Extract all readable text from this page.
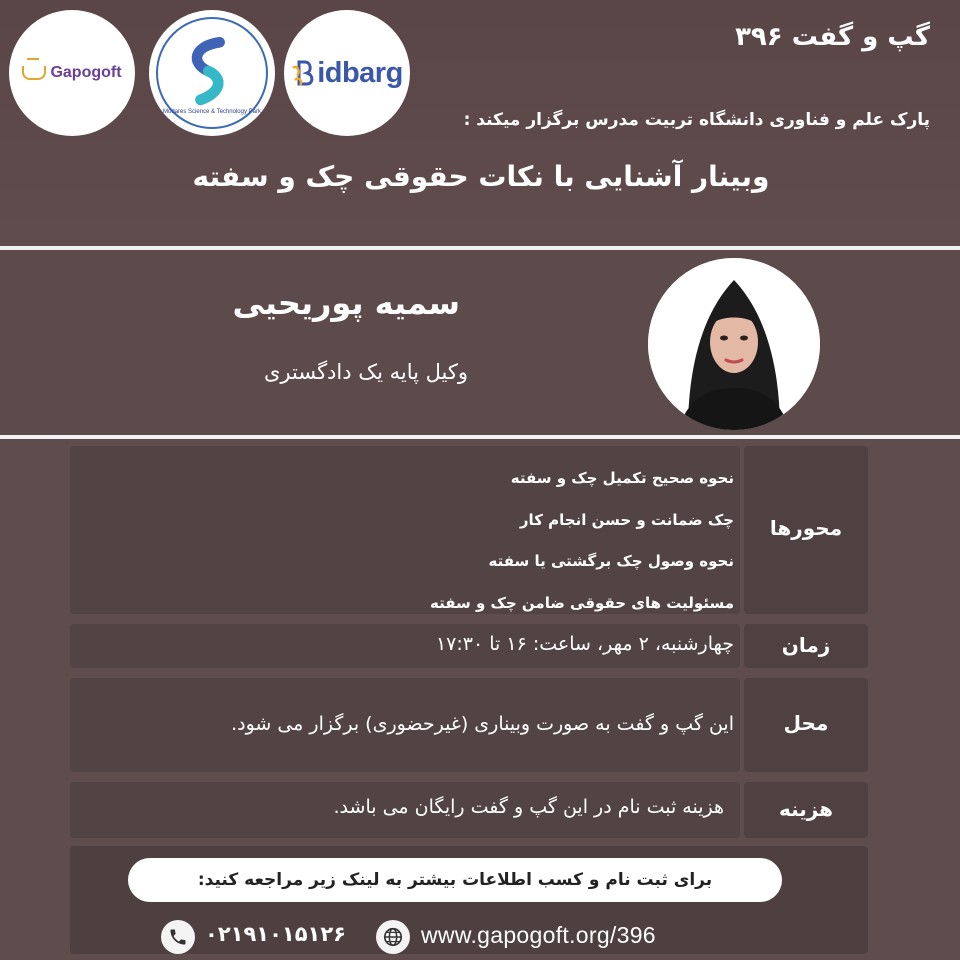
Gapogoft
Modares Science & Technology Park
idbarg
گپ و گفت ۳۹۶
پارک علم و فناوری دانشگاه تربیت مدرس برگزار میکند :
وبینار آشنایی با نکات حقوقی چک و سفته
سمیه پوریحیی
وکیل پایه یک دادگستری
محورها
نحوه صحیح تکمیل چک و سفته
چک ضمانت و حسن انجام کار
نحوه وصول چک برگشتی یا سفته
مسئولیت های حقوقی ضامن چک و سفته
زمان
چهارشنبه، ۲ مهر، ساعت: ۱۶ تا ۱۷:۳۰
محل
این گپ و گفت به صورت وبیناری (غیرحضوری) برگزار می شود.
هزینه
هزینه ثبت نام در این گپ و گفت رایگان می باشد.
برای ثبت نام و کسب اطلاعات بیشتر به لینک زیر مراجعه کنید:
۰۲۱۹۱۰۱۵۱۲۶	www.gapogoft.org/396
